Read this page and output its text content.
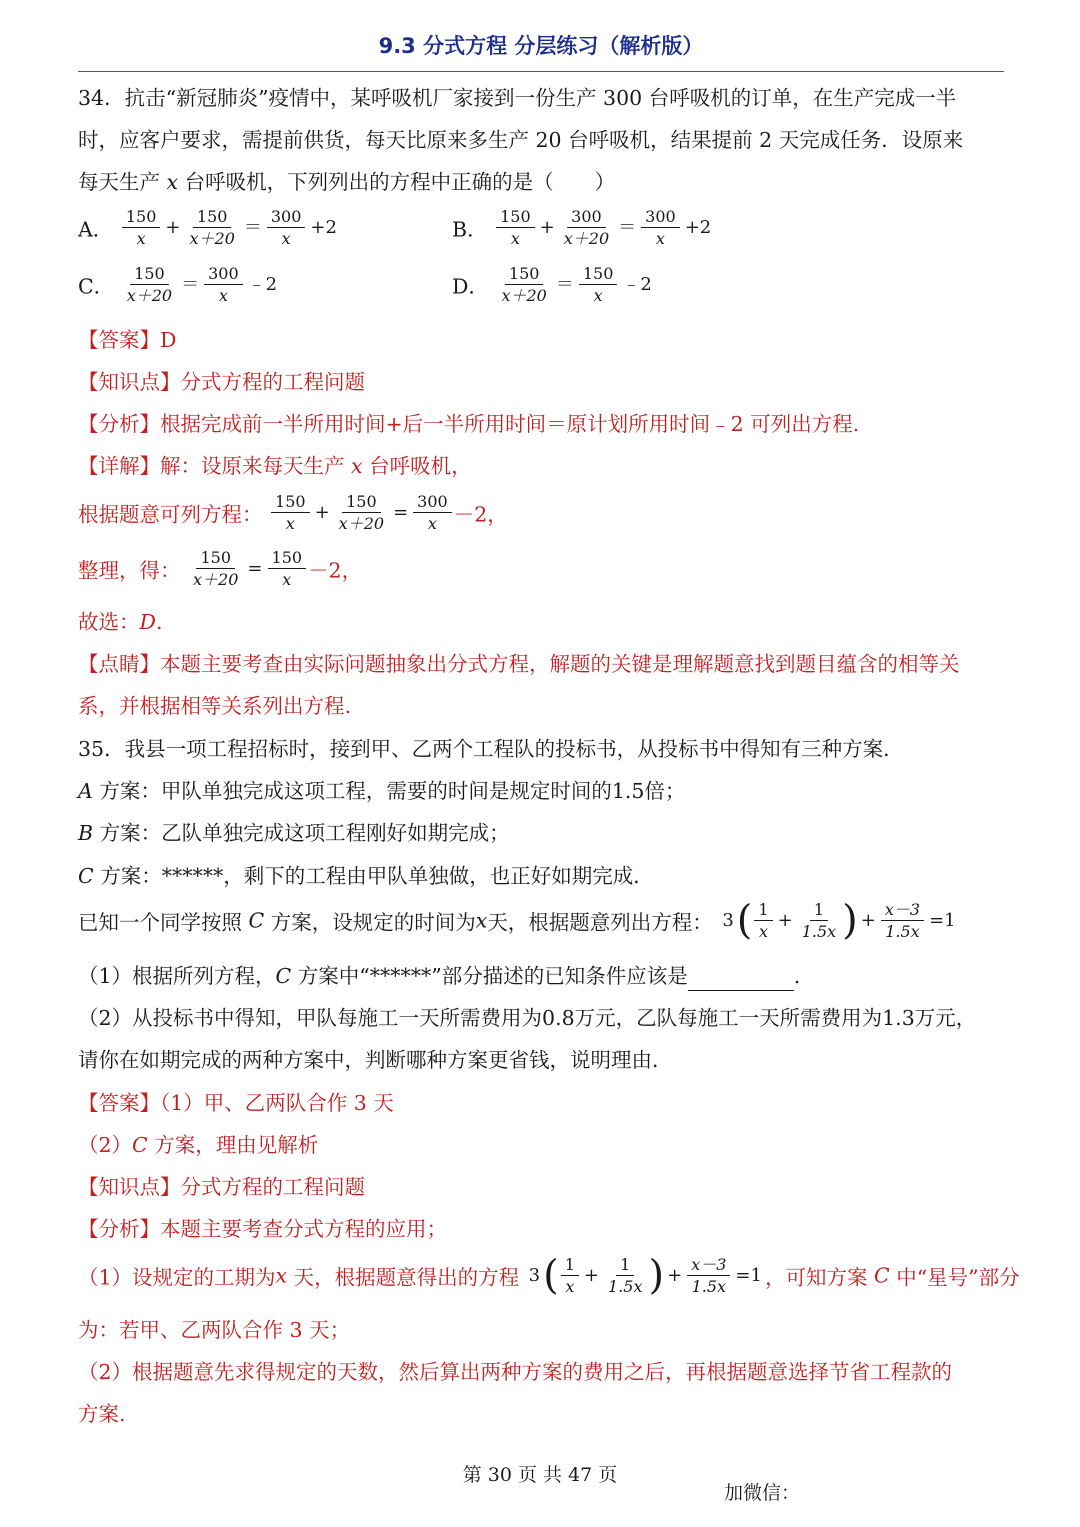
9.3 分式方程 分层练习（解析版）
34．抗击“新冠肺炎”疫情中，某呼吸机厂家接到一份生产 300 台呼吸机的订单，在生产完成一半
时，应客户要求，需提前供货，每天比原来多生产 20 台呼吸机，结果提前 2 天完成任务．设原来
每天生产 x 台呼吸机，下列列出的方程中正确的是（　　）
A． $\frac{150}{x} + \frac{150}{x+20} = \frac{300}{x} +2$	B． $\frac{150}{x} + \frac{300}{x+20} = \frac{300}{x} +2$
C． $\frac{150}{x+20} = \frac{300}{x}$ ﹣2	D． $\frac{150}{x+20} = \frac{150}{x}$ ﹣2
【答案】D
【知识点】分式方程的工程问题
【分析】根据完成前一半所用时间+后一半所用时间＝原计划所用时间﹣2 可列出方程.
【详解】解：设原来每天生产 x 台呼吸机，
根据题意可列方程： $\frac{150}{x} + \frac{150}{x+20} = \frac{300}{x} -2$，
整理，得： $\frac{150}{x+20} = \frac{150}{x} -2$，
故选：D.
【点睛】本题主要考查由实际问题抽象出分式方程，解题的关键是理解题意找到题目蕴含的相等关
系，并根据相等关系列出方程.
35．我县一项工程招标时，接到甲、乙两个工程队的投标书，从投标书中得知有三种方案．
A 方案：甲队单独完成这项工程，需要的时间是规定时间的1.5倍；
B 方案：乙队单独完成这项工程刚好如期完成；
C 方案：******，剩下的工程由甲队单独做，也正好如期完成．
已知一个同学按照 C 方案，设规定的时间为x天，根据题意列出方程： $3( \frac{1}{x} + \frac{1}{1.5x}$ ) + $\frac{x-3}{1.5x} =1$
（1）根据所列方程，C 方案中“******”部分描述的已知条件应该是	.
（2）从投标书中得知，甲队每施工一天所需费用为0.8万元，乙队每施工一天所需费用为1.3万元，
请你在如期完成的两种方案中，判断哪种方案更省钱，说明理由．
【答案】（1）甲、乙两队合作 3 天
（2）C 方案，理由见解析
【知识点】分式方程的工程问题
【分析】本题主要考查分式方程的应用；
（1）设规定的工期为x 天，根据题意得出的方程 $3( \frac{1}{x} + \frac{1}{1.5x}$ ) + $\frac{x-3}{1.5x} =1$ ，可知方案 C 中“星号”部分
为：若甲、乙两队合作 3 天；
（2）根据题意先求得规定的天数，然后算出两种方案的费用之后，再根据题意选择节省工程款的
方案.
第 30 页 共 47 页
加微信：
